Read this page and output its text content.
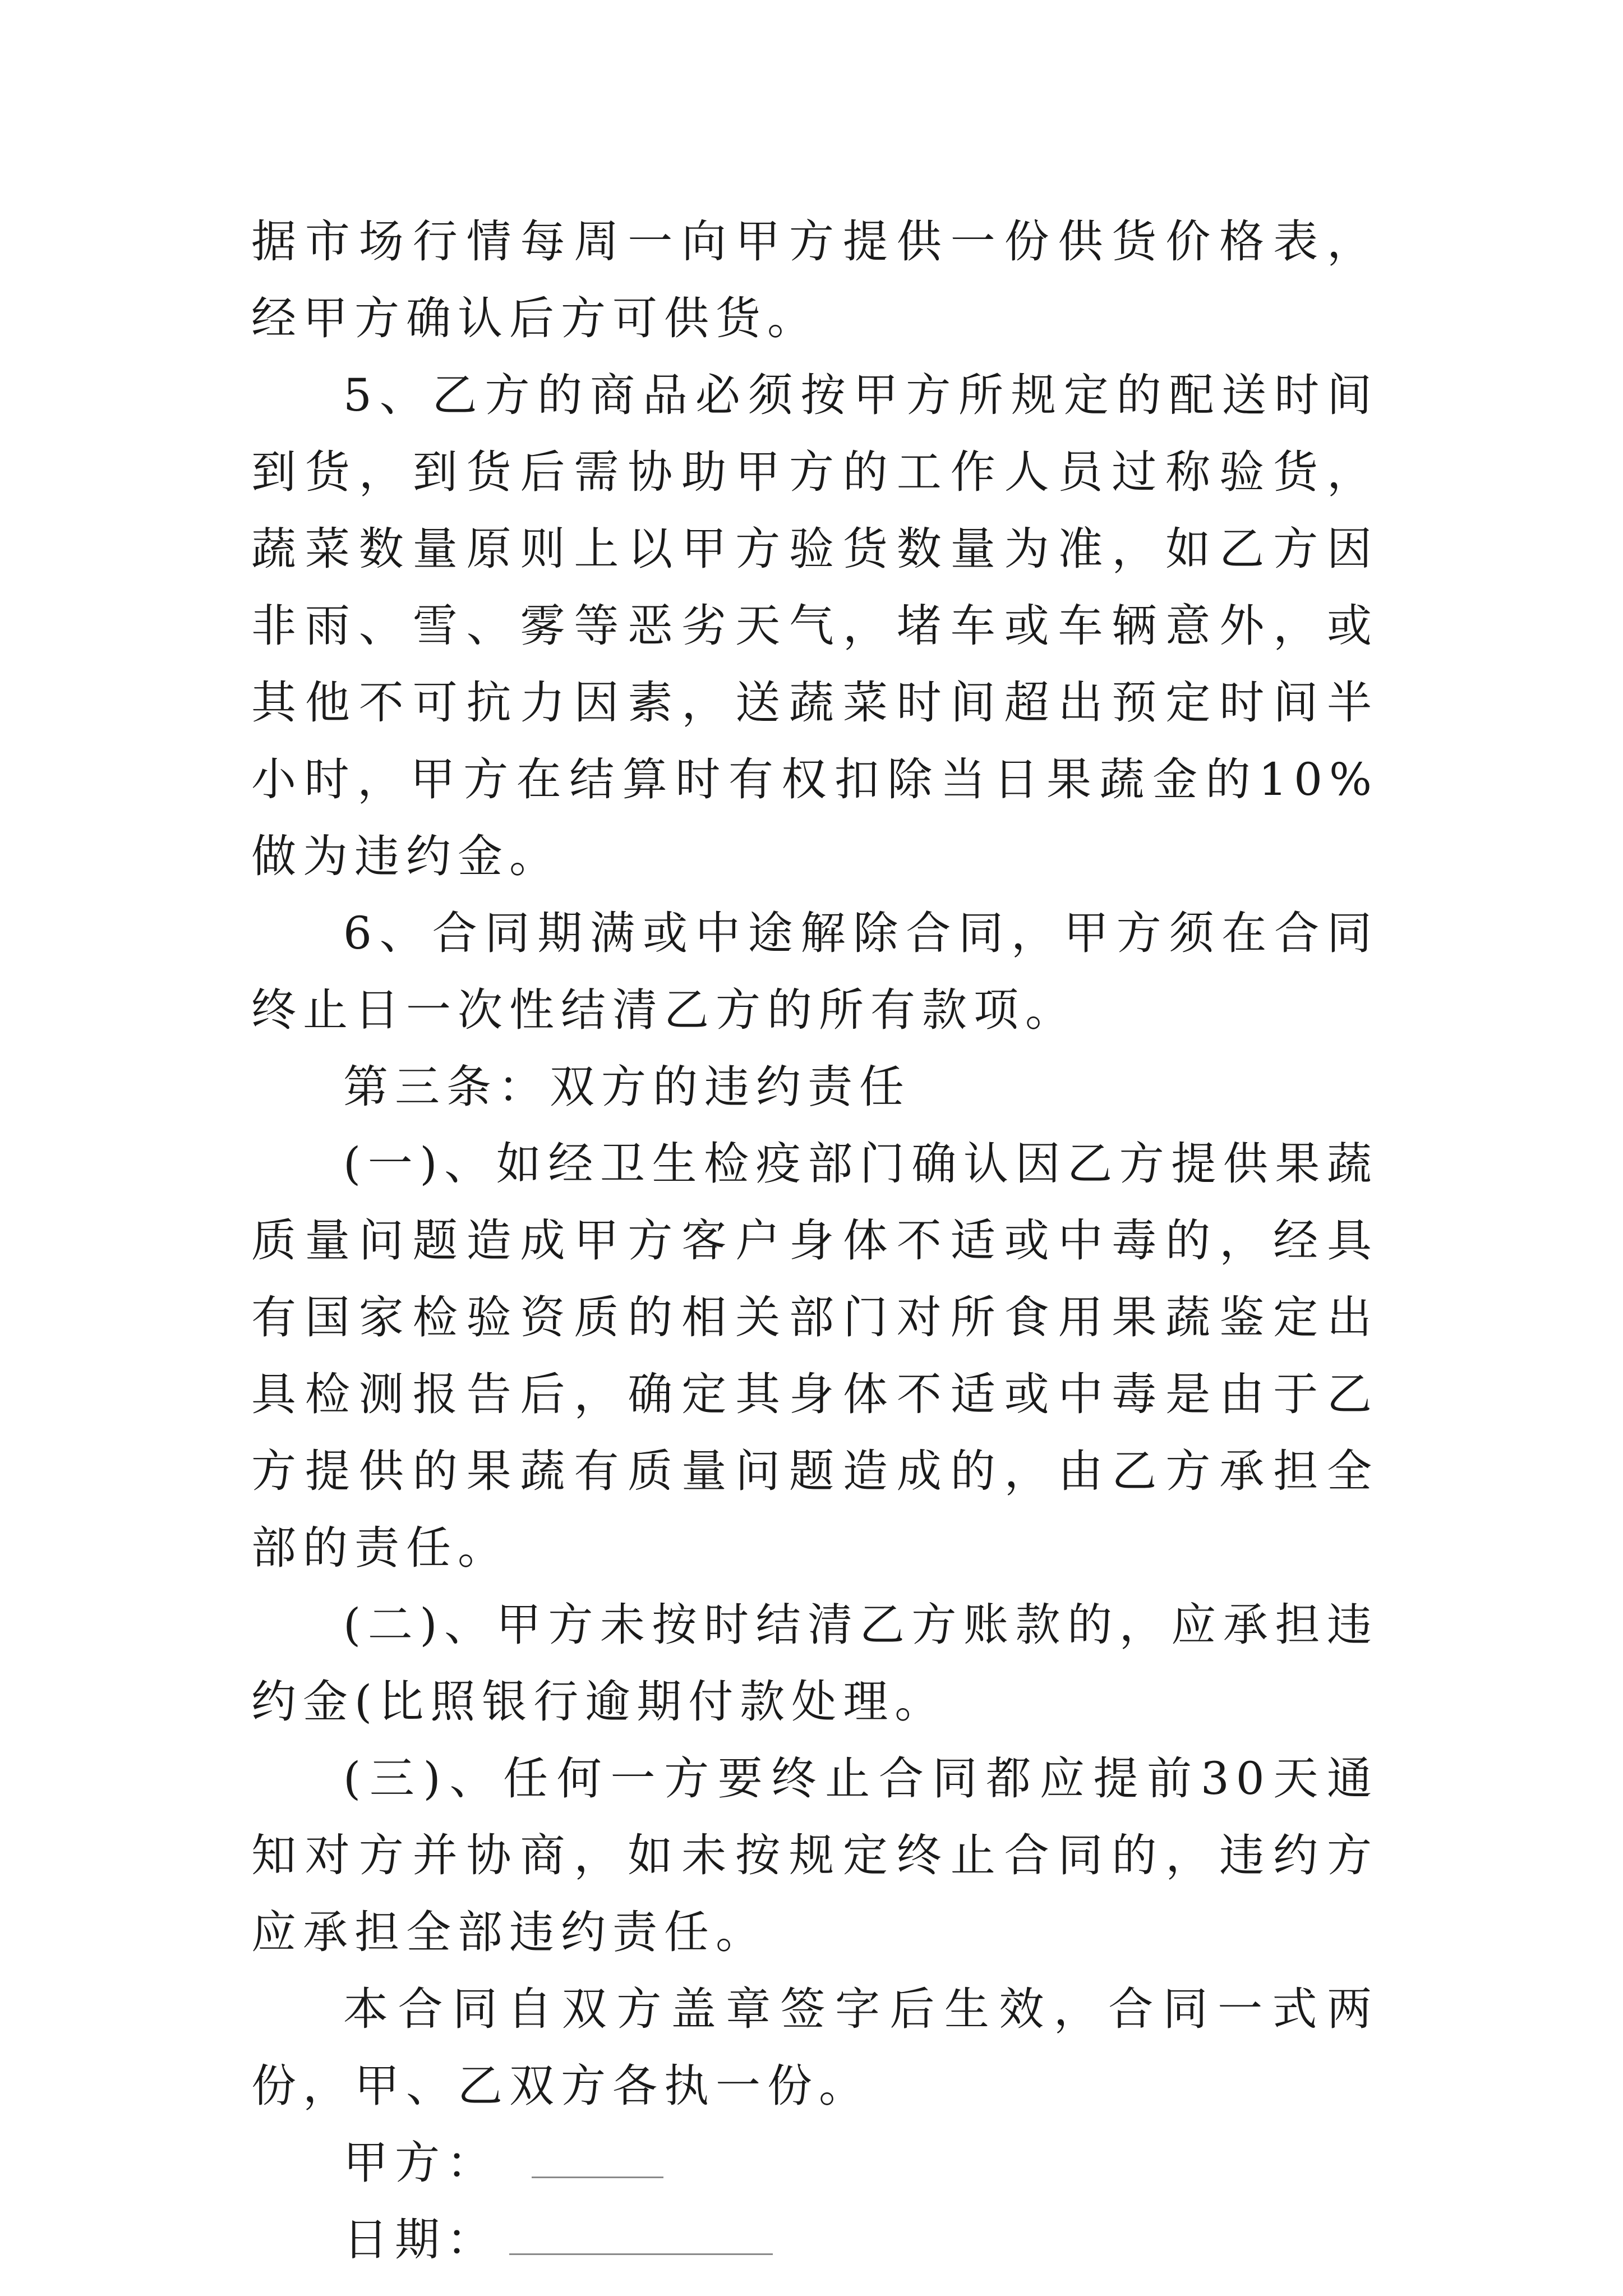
据市场行情每周一向甲方提供一份供货价格表，经甲方确认后方可供货。

5、乙方的商品必须按甲方所规定的配送时间到货，到货后需协助甲方的工作人员过称验货，蔬菜数量原则上以甲方验货数量为准，如乙方因非雨、雪、雾等恶劣天气，堵车或车辆意外，或其他不可抗力因素，送蔬菜时间超出预定时间半小时，甲方在结算时有权扣除当日果蔬金的10%做为违约金。

6、合同期满或中途解除合同，甲方须在合同终止日一次性结清乙方的所有款项。

第三条：双方的违约责任

(一)、如经卫生检疫部门确认因乙方提供果蔬质量问题造成甲方客户身体不适或中毒的，经具有国家检验资质的相关部门对所食用果蔬鉴定出具检测报告后，确定其身体不适或中毒是由于乙方提供的果蔬有质量问题造成的，由乙方承担全部的责任。

(二)、甲方未按时结清乙方账款的，应承担违约金(比照银行逾期付款处理。

(三)、任何一方要终止合同都应提前30天通知对方并协商，如未按规定终止合同的，违约方应承担全部违约责任。

本合同自双方盖章签字后生效，合同一式两份，甲、乙双方各执一份。

甲方：
日期：
